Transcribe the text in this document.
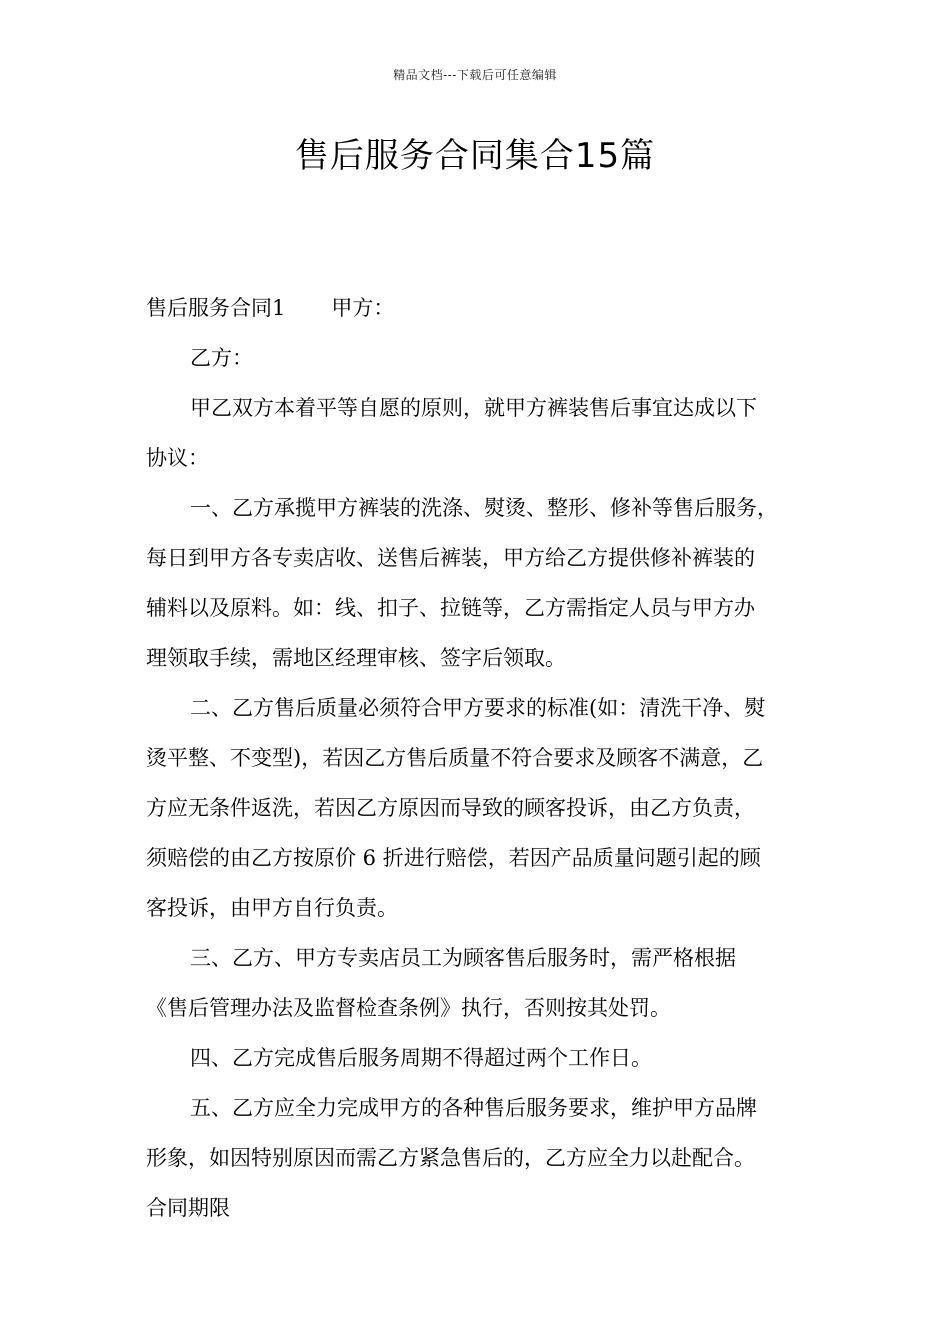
精品文档---下载后可任意编辑
售后服务合同集合15篇
售后服务合同1 甲方：
乙方：
甲乙双方本着平等自愿的原则，就甲方裤装售后事宜达成以下
协议：
一、乙方承揽甲方裤装的洗涤、熨烫、整形、修补等售后服务，
每日到甲方各专卖店收、送售后裤装，甲方给乙方提供修补裤装的
辅料以及原料。如：线、扣子、拉链等，乙方需指定人员与甲方办
理领取手续，需地区经理审核、签字后领取。
二、乙方售后质量必须符合甲方要求的标准(如：清洗干净、熨
烫平整、不变型)，若因乙方售后质量不符合要求及顾客不满意，乙
方应无条件返洗，若因乙方原因而导致的顾客投诉，由乙方负责，
须赔偿的由乙方按原价 6 折进行赔偿，若因产品质量问题引起的顾
客投诉，由甲方自行负责。
三、乙方、甲方专卖店员工为顾客售后服务时，需严格根据
《售后管理办法及监督检查条例》执行，否则按其处罚。
四、乙方完成售后服务周期不得超过两个工作日。
五、乙方应全力完成甲方的各种售后服务要求，维护甲方品牌
形象，如因特别原因而需乙方紧急售后的，乙方应全力以赴配合。
合同期限
